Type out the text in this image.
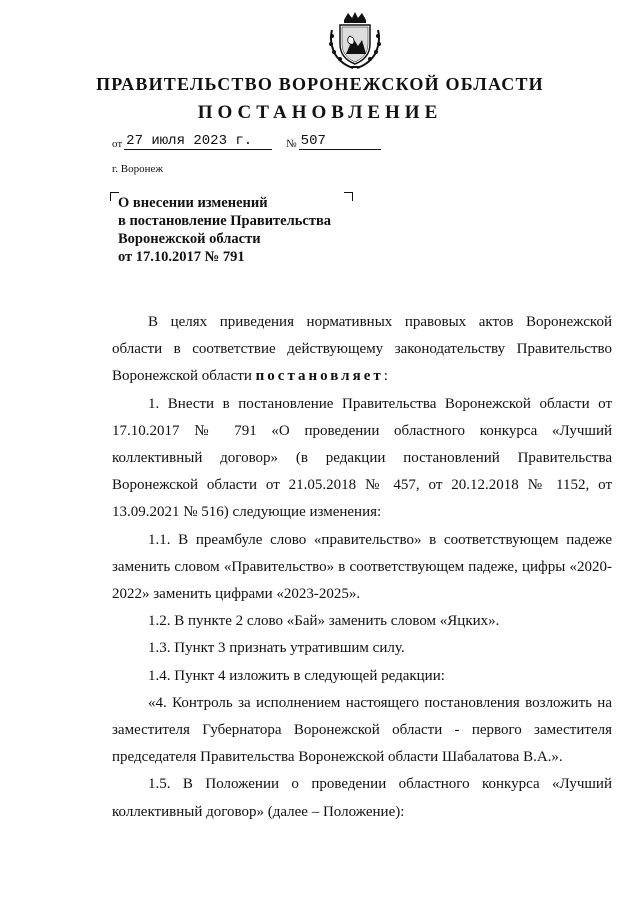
ПРАВИТЕЛЬСТВО ВОРОНЕЖСКОЙ ОБЛАСТИ
ПОСТАНОВЛЕНИЕ
от 27 июля 2023 г.	№ 507
г. Воронеж
О внесении изменений
в постановление Правительства
Воронежской области
от 17.10.2017 № 791

В целях приведения нормативных правовых актов Воронежской области в соответствие действующему законодательству Правительство Воронежской области постановляет:

1. Внести в постановление Правительства Воронежской области от 17.10.2017 № 791 «О проведении областного конкурса «Лучший коллективный договор» (в редакции постановлений Правительства Воронежской области от 21.05.2018 № 457, от 20.12.2018 № 1152, от 13.09.2021 № 516) следующие изменения:

1.1. В преамбуле слово «правительство» в соответствующем падеже заменить словом «Правительство» в соответствующем падеже, цифры «2020-2022» заменить цифрами «2023-2025».

1.2. В пункте 2 слово «Бай» заменить словом «Яцких».

1.3. Пункт 3 признать утратившим силу.

1.4. Пункт 4 изложить в следующей редакции:

«4. Контроль за исполнением настоящего постановления возложить на заместителя Губернатора Воронежской области - первого заместителя председателя Правительства Воронежской области Шабалатова В.А.».

1.5. В Положении о проведении областного конкурса «Лучший коллективный договор» (далее – Положение):
